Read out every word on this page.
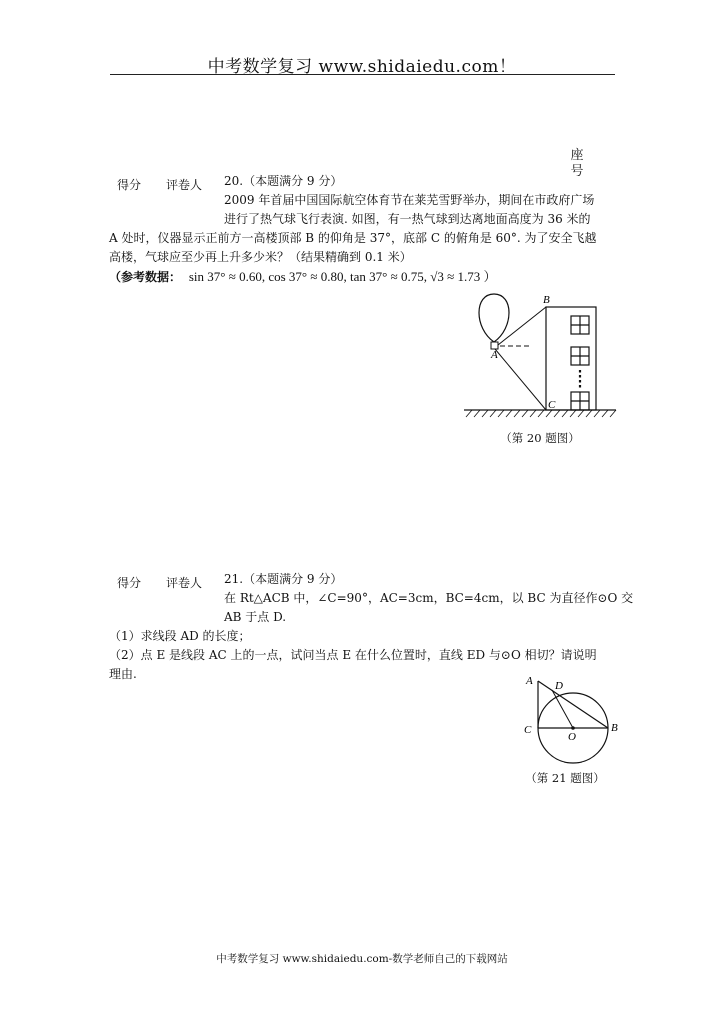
中考数学复习 www.shidaiedu.com！
座号
得分 评卷人 20.（本题满分 9 分）
2009 年首届中国国际航空体育节在莱芜雪野举办，期间在市政府广场
进行了热气球飞行表演. 如图，有一热气球到达离地面高度为 36 米的
A 处时，仪器显示正前方一高楼顶部 B 的仰角是 37°，底部 C 的俯角是 60°. 为了安全飞越
高楼，气球应至少再上升多少米？（结果精确到 0.1 米）
（参考数据： sin 37° ≈ 0.60, cos 37° ≈ 0.80, tan 37° ≈ 0.75, √3 ≈ 1.73 ）
B
A
C
（第 20 题图）
得分 评卷人 21.（本题满分 9 分）
在 Rt△ACB 中，∠C=90°，AC=3cm，BC=4cm，以 BC 为直径作⊙O 交
AB 于点 D.
（1）求线段 AD 的长度；
（2）点 E 是线段 AC 上的一点，试问当点 E 在什么位置时，直线 ED 与⊙O 相切？请说明
理由.	A D
C	B
O
（第 21 题图）
中考数学复习 www.shidaiedu.com-数学老师自己的下载网站
